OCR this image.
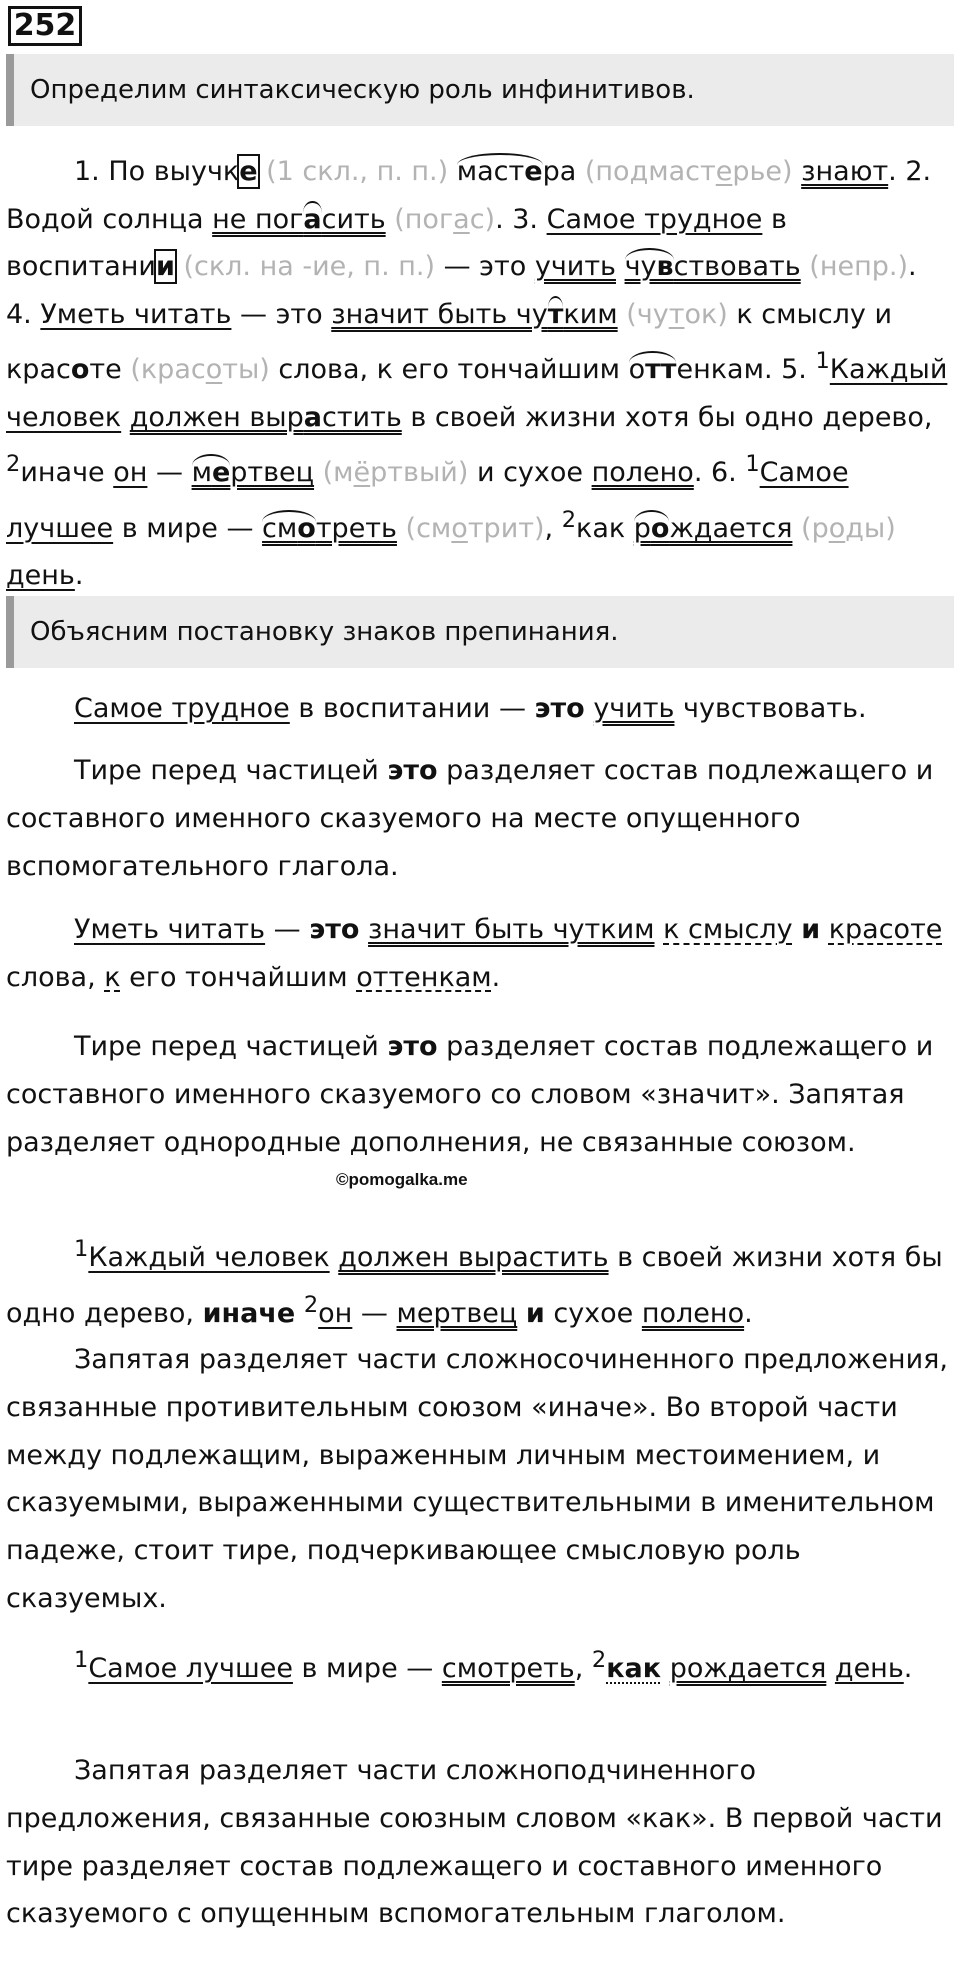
252
Определим синтаксическую роль инфинитивов.

1. По выучке (1 скл., п. п.) мастера (подмастерье) знают. 2. Водой солнца не погасить (погас). 3. Самое трудное в воспитании (скл. на -ие, п. п.) — это учить чувствовать (непр.). 4. Уметь читать — это значит быть чутким (чуток) к смыслу и красоте (красоты) слова, к его тончайшим оттенкам. 5. $^1$Каждый человек должен вырастить в своей жизни хотя бы одно дерево, $^2$иначе он — мертвец (мёртвый) и сухое полено. 6. $^1$Самое лучшее в мире — смотреть (смотрит), $^2$как рождается (роды) день.

Объясним постановку знаков препинания.

Самое трудное в воспитании — это учить чувствовать.

Тире перед частицей это разделяет состав подлежащего и составного именного сказуемого на месте опущенного вспомогательного глагола.

Уметь читать — это значит быть чутким к смыслу и красоте слова, к его тончайшим оттенкам.

Тире перед частицей это разделяет состав подлежащего и составного именного сказуемого со словом «значит». Запятая разделяет однородные дополнения, не связанные союзом.

©pomogalka.me

$^1$Каждый человек должен вырастить в своей жизни хотя бы одно дерево, иначе $^2$он — мертвец и сухое полено.

Запятая разделяет части сложносочиненного предложения, связанные противительным союзом «иначе». Во второй части между подлежащим, выраженным личным местоимением, и сказуемыми, выраженными существительными в именительном падеже, стоит тире, подчеркивающее смысловую роль сказуемых.

$^1$Самое лучшее в мире — смотреть, $^2$как рождается день.

Запятая разделяет части сложноподчиненного предложения, связанные союзным словом «как». В первой части тире разделяет состав подлежащего и составного именного сказуемого с опущенным вспомогательным глаголом.
